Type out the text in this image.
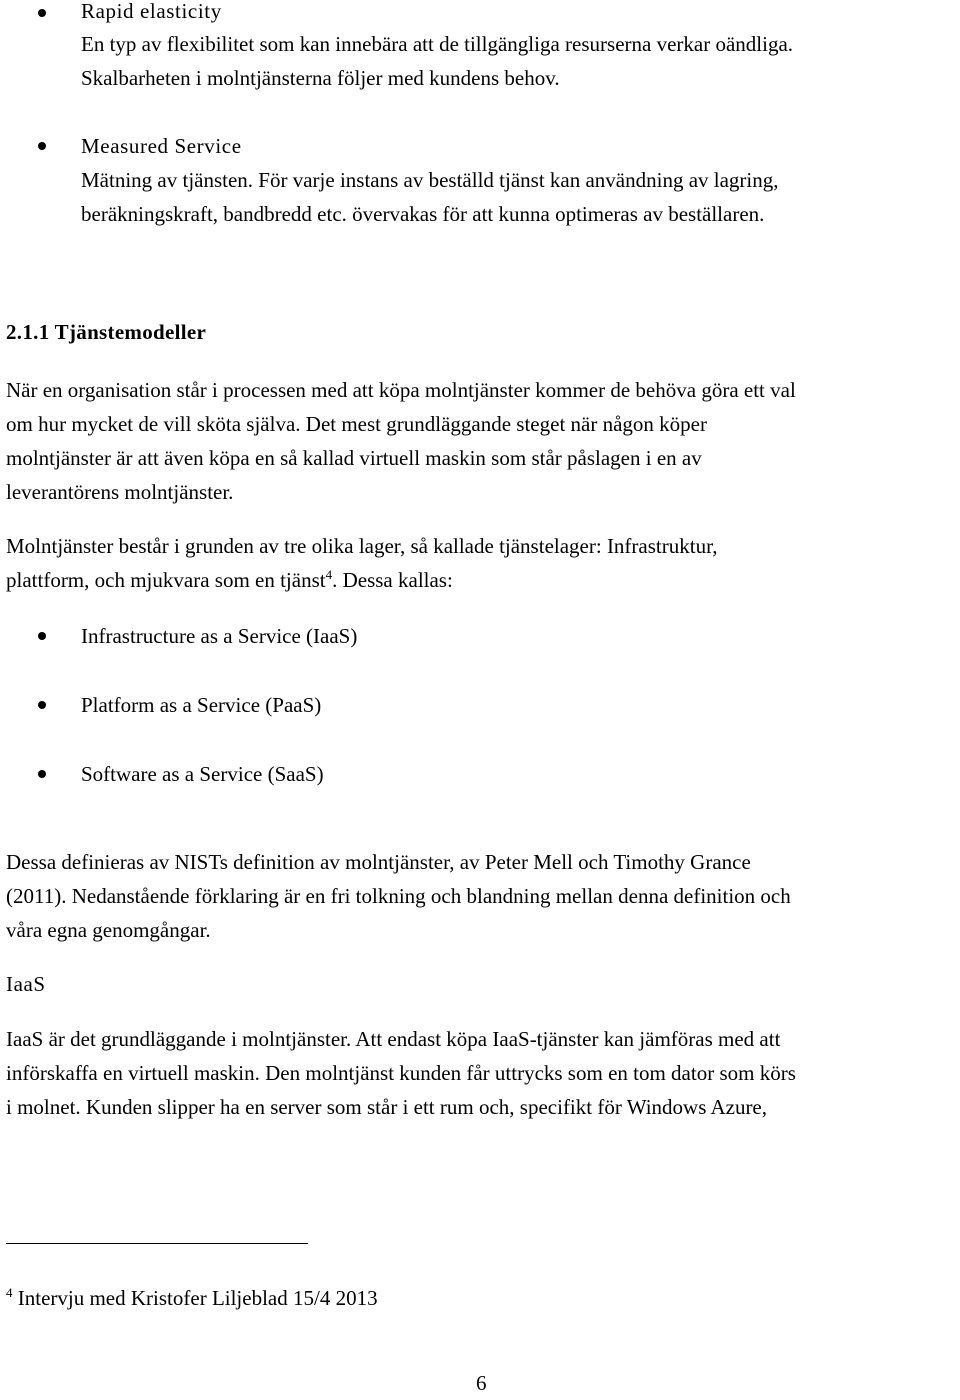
Rapid elasticity
En typ av flexibilitet som kan innebära att de tillgängliga resurserna verkar oändliga.
Skalbarheten i molntjänsterna följer med kundens behov.
Measured Service
Mätning av tjänsten. För varje instans av beställd tjänst kan användning av lagring,
beräkningskraft, bandbredd etc. övervakas för att kunna optimeras av beställaren.
2.1.1 Tjänstemodeller
När en organisation står i processen med att köpa molntjänster kommer de behöva göra ett val
om hur mycket de vill sköta själva. Det mest grundläggande steget när någon köper
molntjänster är att även köpa en så kallad virtuell maskin som står påslagen i en av
leverantörens molntjänster.
Molntjänster består i grunden av tre olika lager, så kallade tjänstelager: Infrastruktur,
plattform, och mjukvara som en tjänst$^4$. Dessa kallas:
Infrastructure as a Service (IaaS)
Platform as a Service (PaaS)
Software as a Service (SaaS)
Dessa definieras av NISTs definition av molntjänster, av Peter Mell och Timothy Grance
(2011). Nedanstående förklaring är en fri tolkning och blandning mellan denna definition och
våra egna genomgångar.
IaaS
IaaS är det grundläggande i molntjänster. Att endast köpa IaaS-tjänster kan jämföras med att
införskaffa en virtuell maskin. Den molntjänst kunden får uttrycks som en tom dator som körs
i molnet. Kunden slipper ha en server som står i ett rum och, specifikt för Windows Azure,
$^4$ Intervju med Kristofer Liljeblad 15/4 2013
6
